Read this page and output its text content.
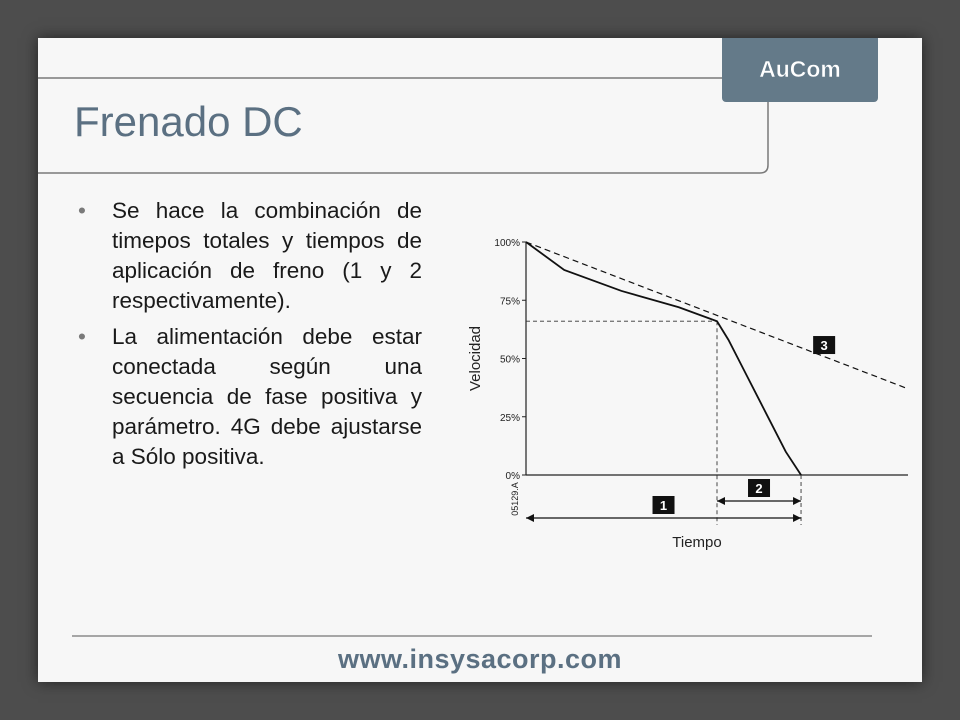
AuCom
Frenado DC
• Se hace la combinación de timepos totales y tiempos de aplicación de freno (1 y 2 respectivamente).
• La alimentación debe estar conectada según una secuencia de fase positiva y parámetro. 4G debe ajustarse a Sólo positiva.
100%
75%
50%
25%
0%
Velocidad
05129.A
3
1
2
Tiempo
www.insysacorp.com
